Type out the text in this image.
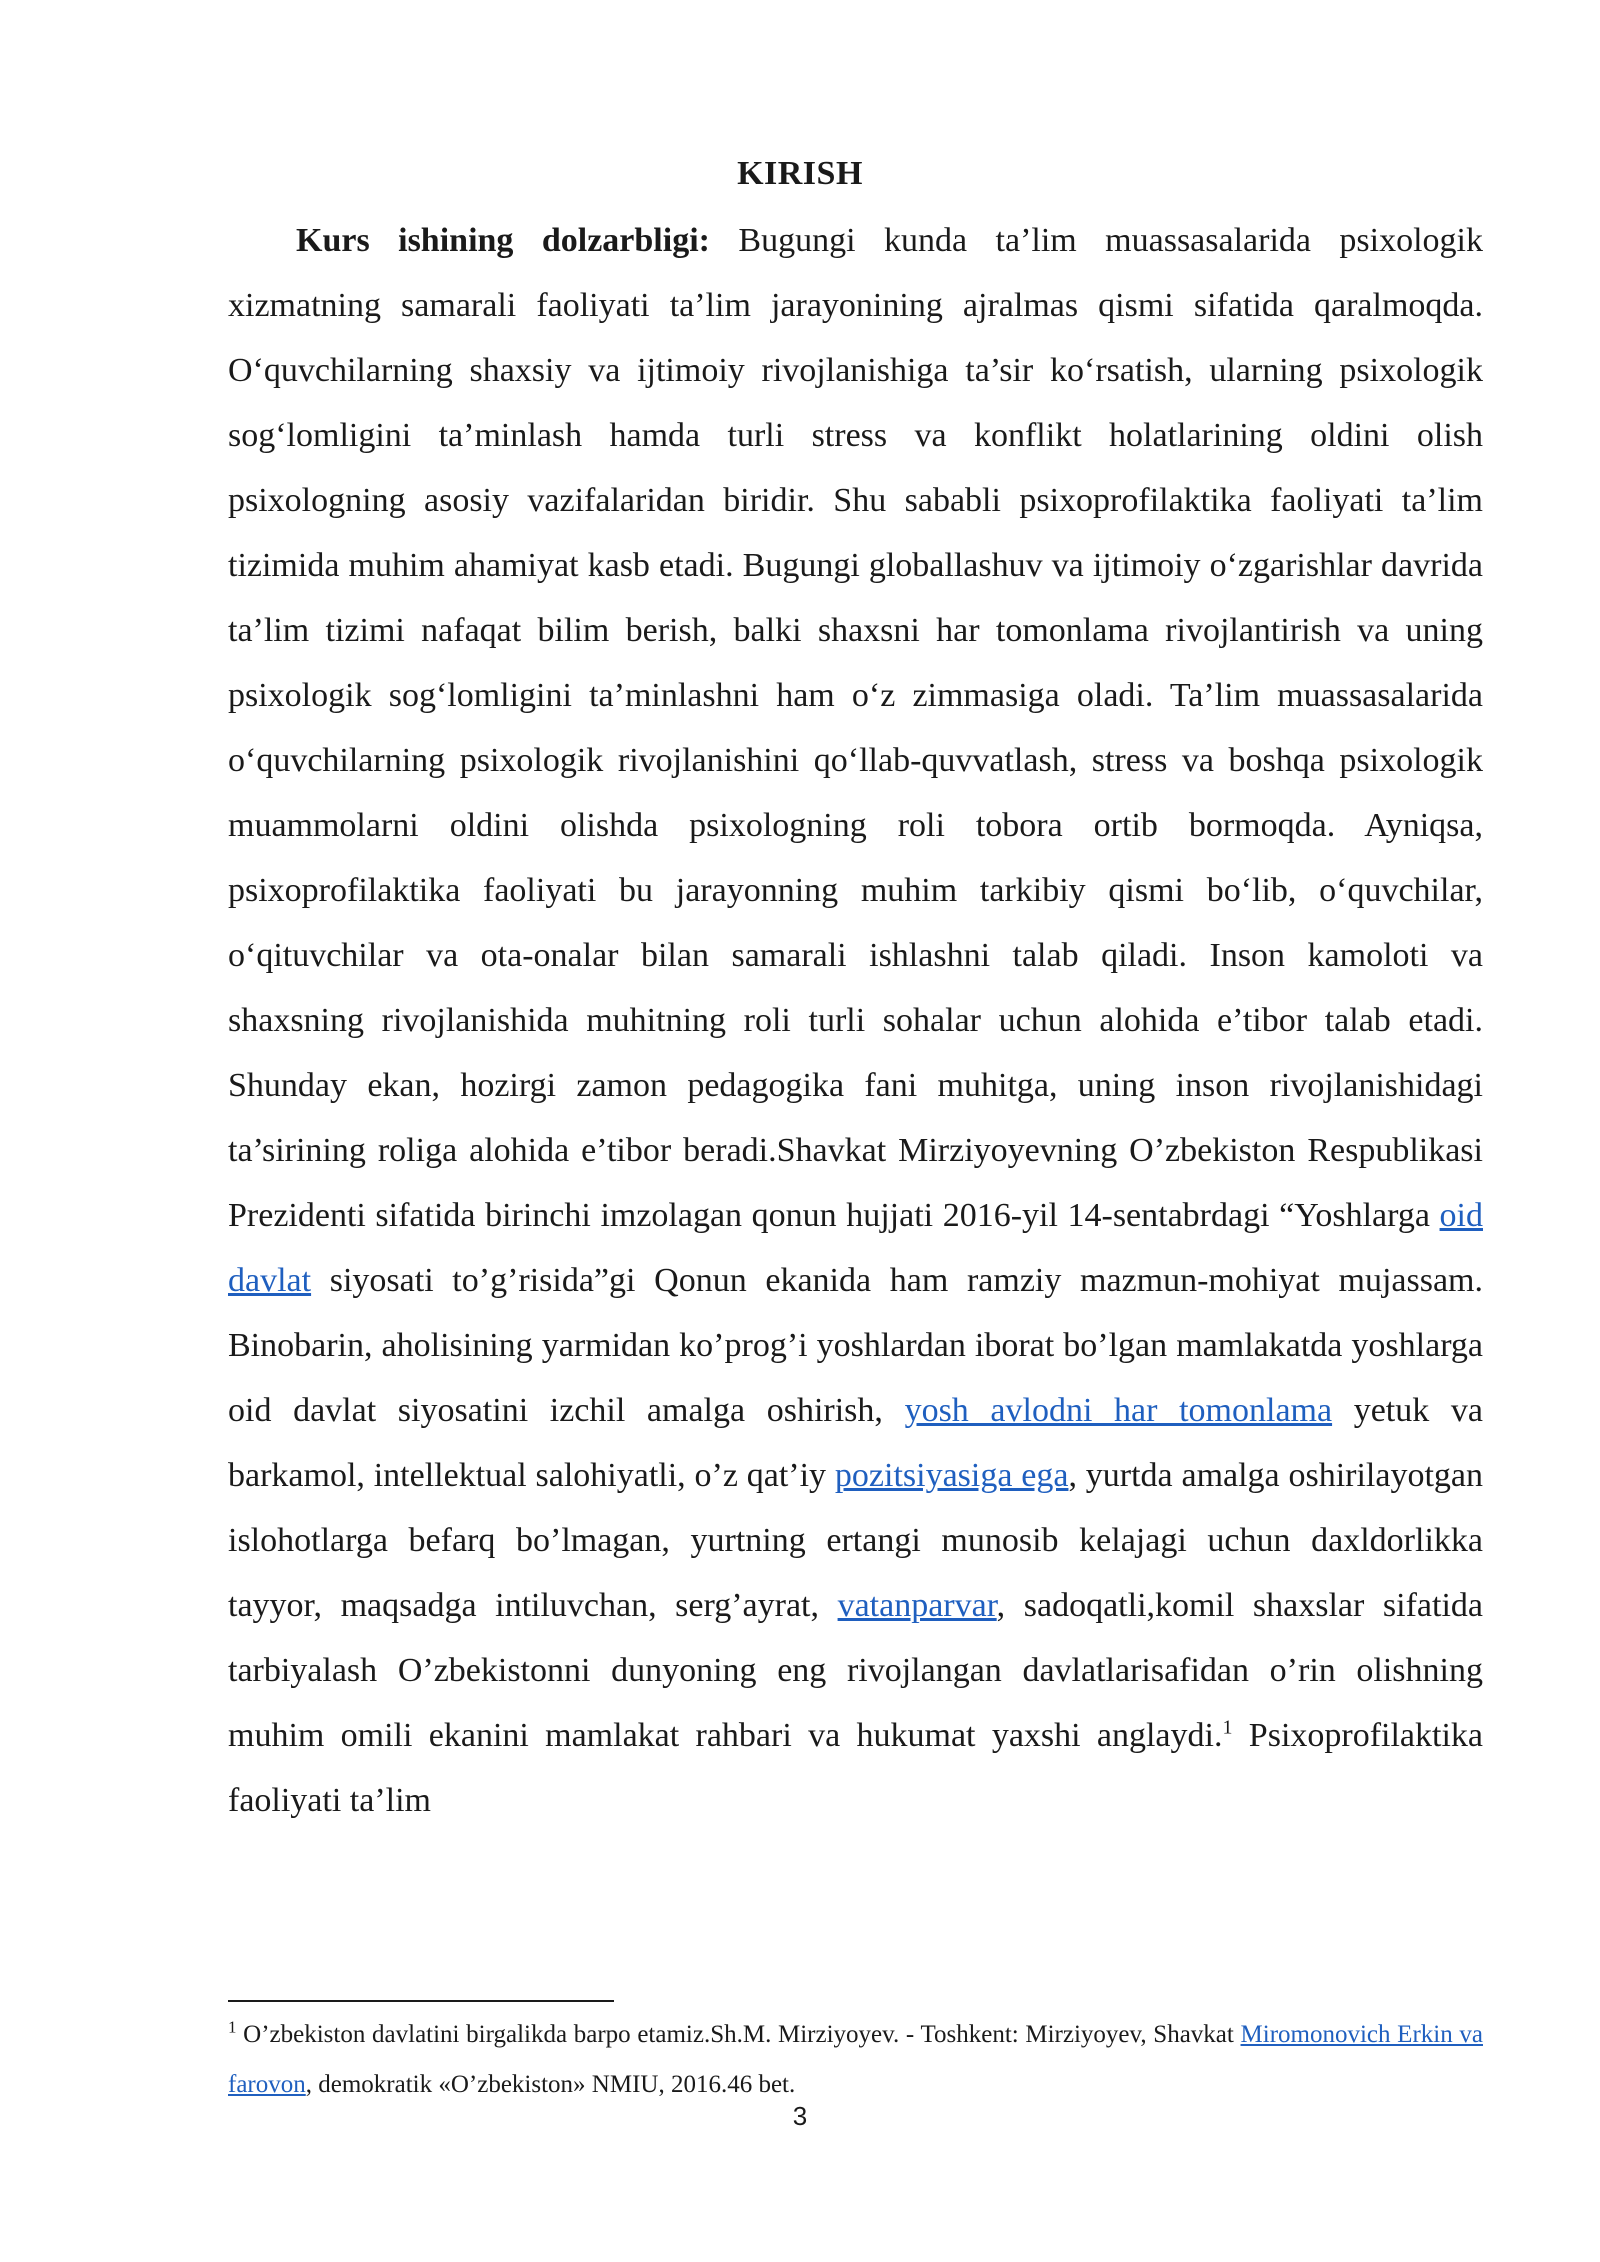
KIRISH

Kurs ishining dolzarbligi: Bugungi kunda ta’lim muassasalarida psixologik xizmatning samarali faoliyati ta’lim jarayonining ajralmas qismi sifatida qaralmoqda. O‘quvchilarning shaxsiy va ijtimoiy rivojlanishiga ta’sir ko‘rsatish, ularning psixologik sog‘lomligini ta’minlash hamda turli stress va konflikt holatlarining oldini olish psixologning asosiy vazifalaridan biridir. Shu sababli psixoprofilaktika faoliyati ta’lim tizimida muhim ahamiyat kasb etadi. Bugungi globallashuv va ijtimoiy o‘zgarishlar davrida ta’lim tizimi nafaqat bilim berish, balki shaxsni har tomonlama rivojlantirish va uning psixologik sog‘lomligini ta’minlashni ham o‘z zimmasiga oladi. Ta’lim muassasalarida o‘quvchilarning psixologik rivojlanishini qo‘llab-quvvatlash, stress va boshqa psixologik muammolarni oldini olishda psixologning roli tobora ortib bormoqda. Ayniqsa, psixoprofilaktika faoliyati bu jarayonning muhim tarkibiy qismi bo‘lib, o‘quvchilar, o‘qituvchilar va ota-onalar bilan samarali ishlashni talab qiladi. Inson kamoloti va shaxsning rivojlanishida muhitning roli turli sohalar uchun alohida e’tibor talab etadi. Shunday ekan, hozirgi zamon pedagogika fani muhitga, uning inson rivojlanishidagi ta’sirining roliga alohida e’tibor beradi.Shavkat Mirziyoyevning O’zbekiston Respublikasi Prezidenti sifatida birinchi imzolagan qonun hujjati 2016-yil 14-sentabrdagi “Yoshlarga oid davlat siyosati to’g’risida”gi Qonun ekanida ham ramziy mazmun-mohiyat mujassam. Binobarin, aholisining yarmidan ko’prog’i yoshlardan iborat bo’lgan mamlakatda yoshlarga oid davlat siyosatini izchil amalga oshirish, yosh avlodni har tomonlama yetuk va barkamol, intellektual salohiyatli, o’z qat’iy pozitsiyasiga ega, yurtda amalga oshirilayotgan islohotlarga befarq bo’lmagan, yurtning ertangi munosib kelajagi uchun daxldorlikka tayyor, maqsadga intiluvchan, serg’ayrat, vatanparvar, sadoqatli,komil shaxslar sifatida tarbiyalash O’zbekistonni dunyoning eng rivojlangan davlatlarisafidan o’rin olishning muhim omili ekanini mamlakat rahbari va hukumat yaxshi anglaydi.$^1$ Psixoprofilaktika faoliyati ta’lim

$^1$ O’zbekiston davlatini birgalikda barpo etamiz.Sh.M. Mirziyoyev. - Toshkent: Mirziyoyev, Shavkat Miromonovich Erkin va farovon, demokratik «O’zbekiston» NMIU, 2016.46 bet.

3
